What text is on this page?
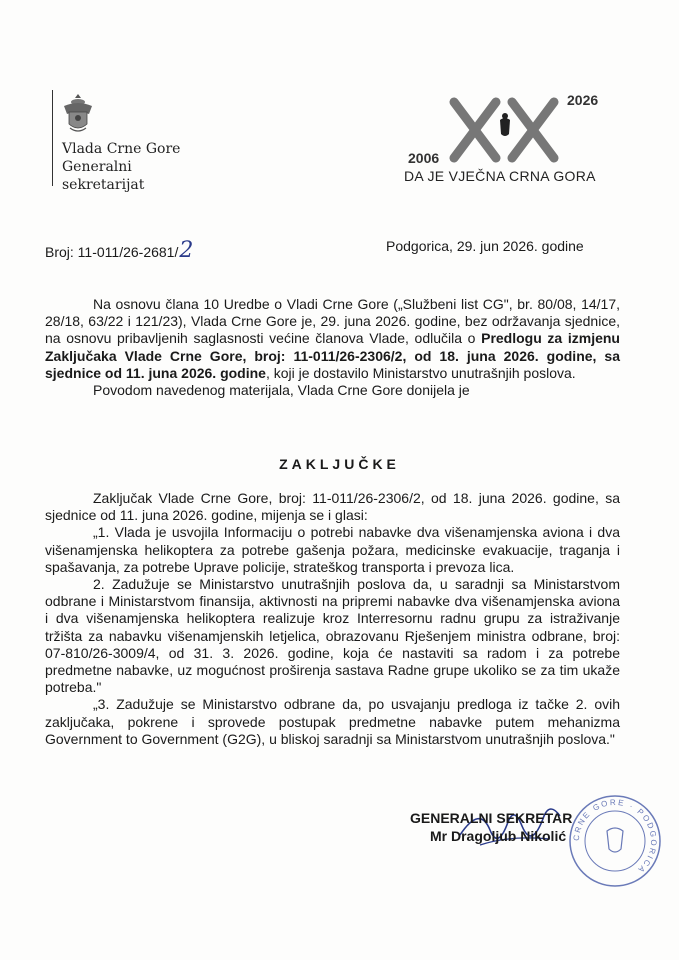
Vlada Crne Gore
Generalni
sekretarijat
2026
2006
DA JE VJEČNA CRNA GORA
Broj: 11-011/26-2681/2	Podgorica, 29. jun 2026. godine
Na osnovu člana 10 Uredbe o Vladi Crne Gore („Službeni list CG", br. 80/08, 14/17, 28/18, 63/22 i 121/23), Vlada Crne Gore je, 29. juna 2026. godine, bez održavanja sjednice, na osnovu pribavljenih saglasnosti većine članova Vlade, odlučila o Predlogu za izmjenu Zaključaka Vlade Crne Gore, broj: 11-011/26-2306/2, od 18. juna 2026. godine, sa sjednice od 11. juna 2026. godine, koji je dostavilo Ministarstvo unutrašnjih poslova.
Povodom navedenog materijala, Vlada Crne Gore donijela je
ZAKLJUČKE
Zaključak Vlade Crne Gore, broj: 11-011/26-2306/2, od 18. juna 2026. godine, sa sjednice od 11. juna 2026. godine, mijenja se i glasi:
„1. Vlada je usvojila Informaciju o potrebi nabavke dva višenamjenska aviona i dva višenamjenska helikoptera za potrebe gašenja požara, medicinske evakuacije, traganja i spašavanja, za potrebe Uprave policije, strateškog transporta i prevoza lica.
2. Zadužuje se Ministarstvo unutrašnjih poslova da, u saradnji sa Ministarstvom odbrane i Ministarstvom finansija, aktivnosti na pripremi nabavke dva višenamjenska aviona i dva višenamjenska helikoptera realizuje kroz Interresornu radnu grupu za istraživanje tržišta za nabavku višenamjenskih letjelica, obrazovanu Rješenjem ministra odbrane, broj: 07-810/26-3009/4, od 31. 3. 2026. godine, koja će nastaviti sa radom i za potrebe predmetne nabavke, uz mogućnost proširenja sastava Radne grupe ukoliko se za tim ukaže potreba."
„3. Zadužuje se Ministarstvo odbrane da, po usvajanju predloga iz tačke 2. ovih zaključaka, pokrene i sprovede postupak predmetne nabavke putem mehanizma Government to Government (G2G), u bliskoj saradnji sa Ministarstvom unutrašnjih poslova."
GENERALNI SEKRETAR
Mr Dragoljub Nikolić CRNE GORE · PODGORICA
